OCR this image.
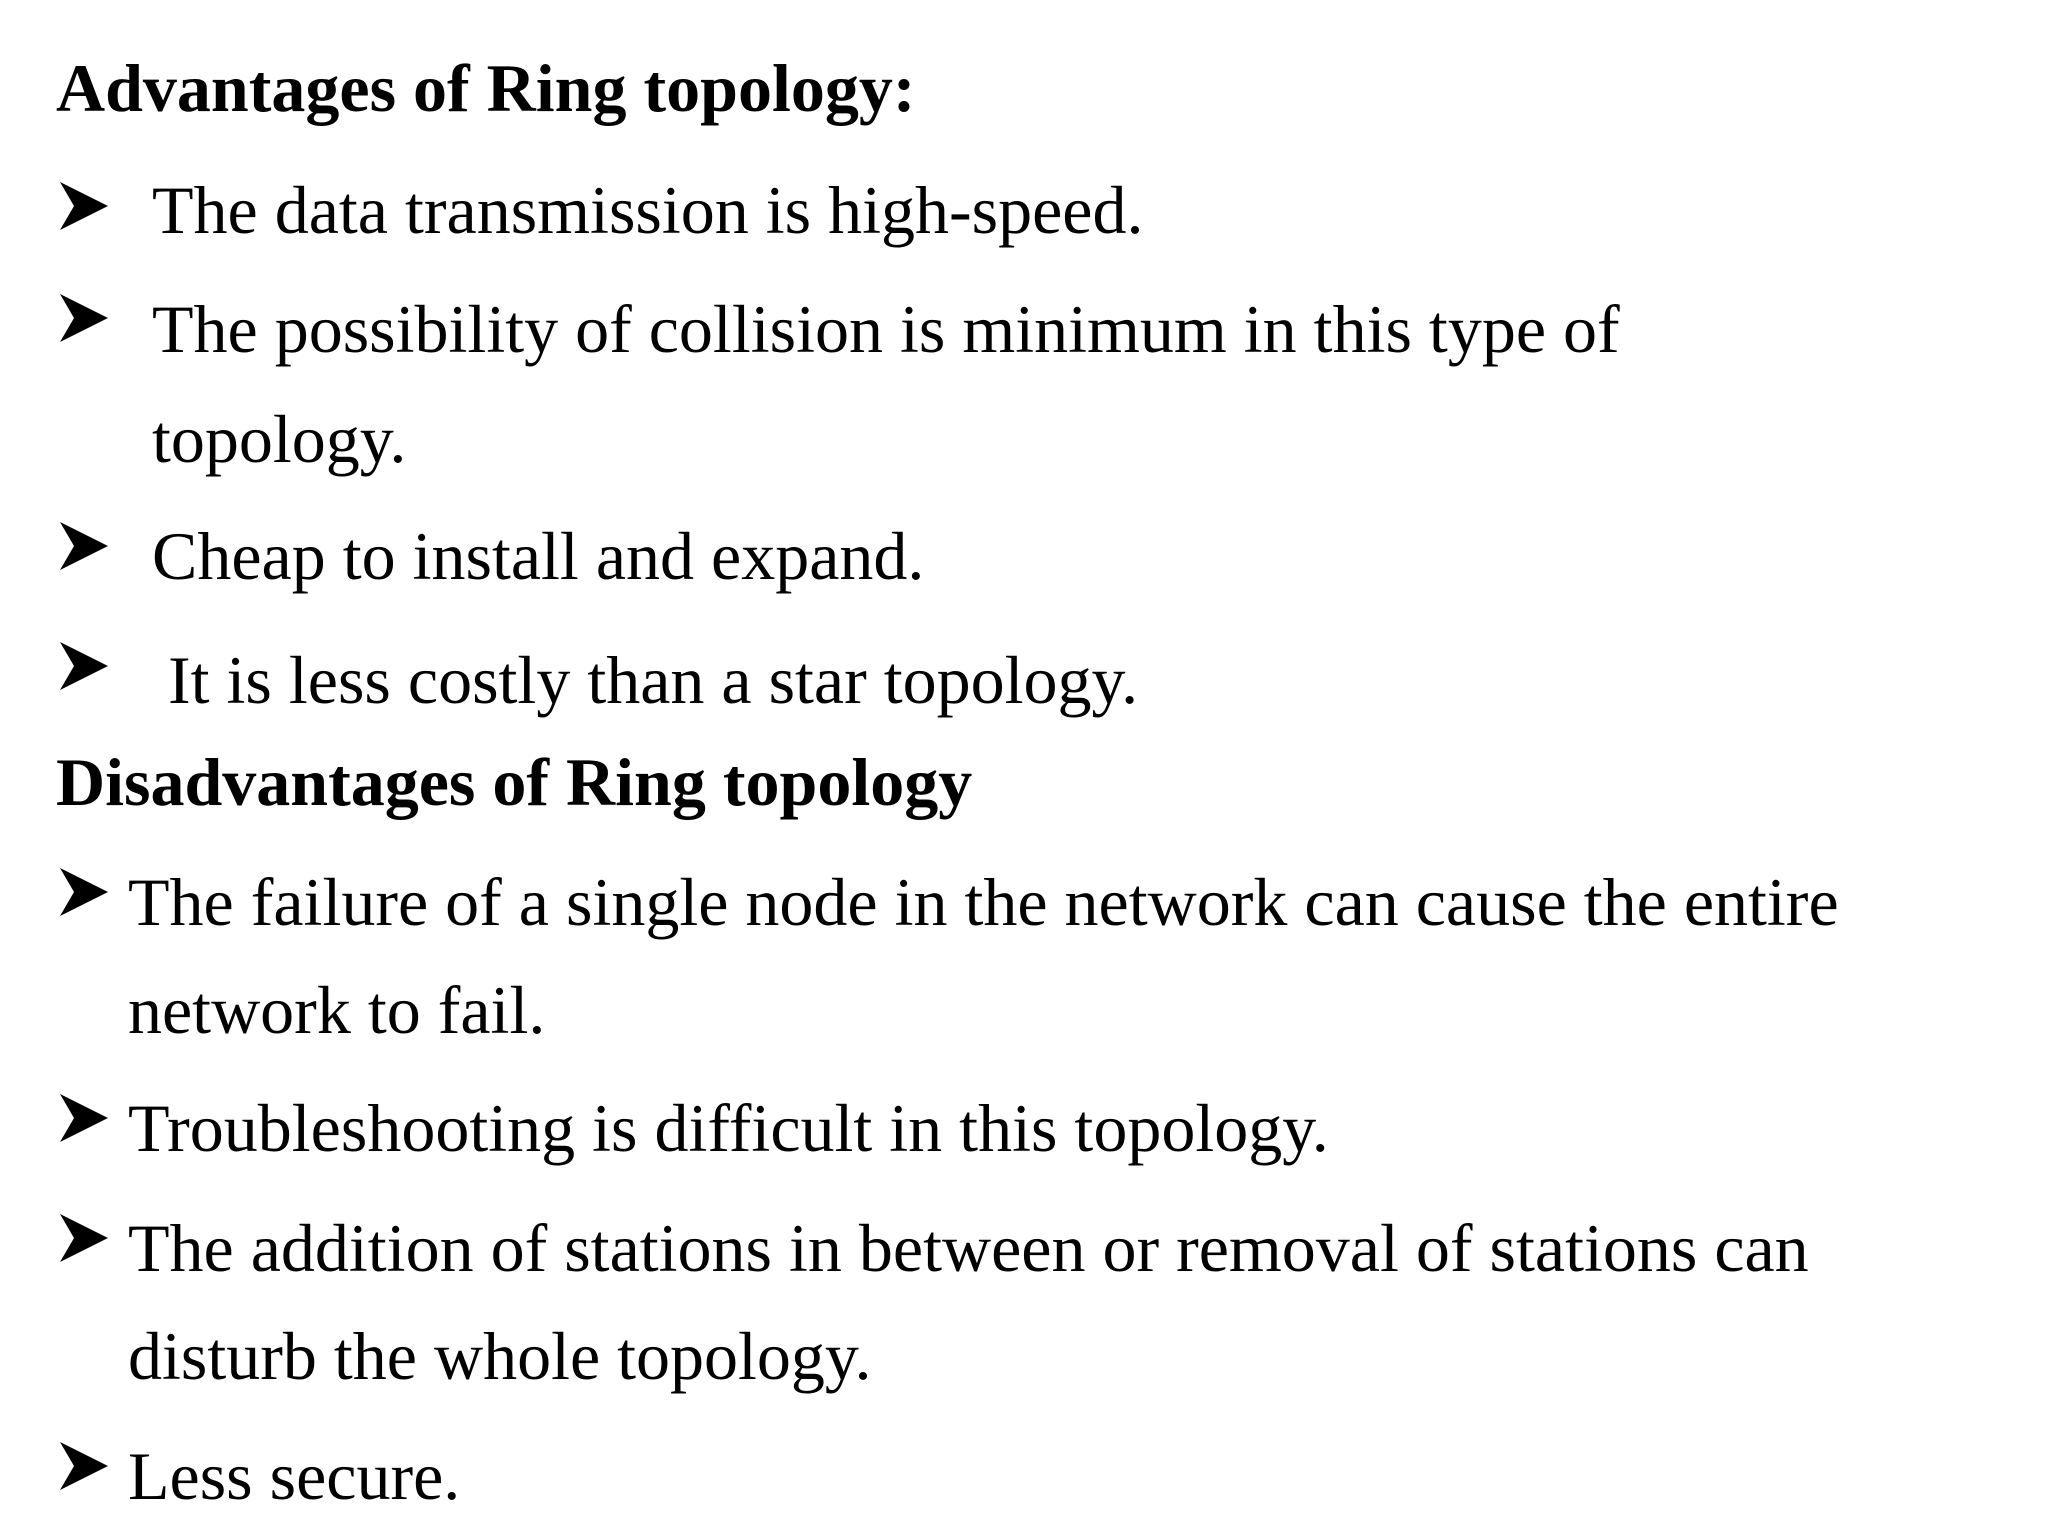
Advantages of Ring topology:
The data transmission is high-speed.
The possibility of collision is minimum in this type of
topology.
Cheap to install and expand.
It is less costly than a star topology.
Disadvantages of Ring topology
The failure of a single node in the network can cause the entire
network to fail.
Troubleshooting is difficult in this topology.
The addition of stations in between or removal of stations can
disturb the whole topology.
Less secure.
